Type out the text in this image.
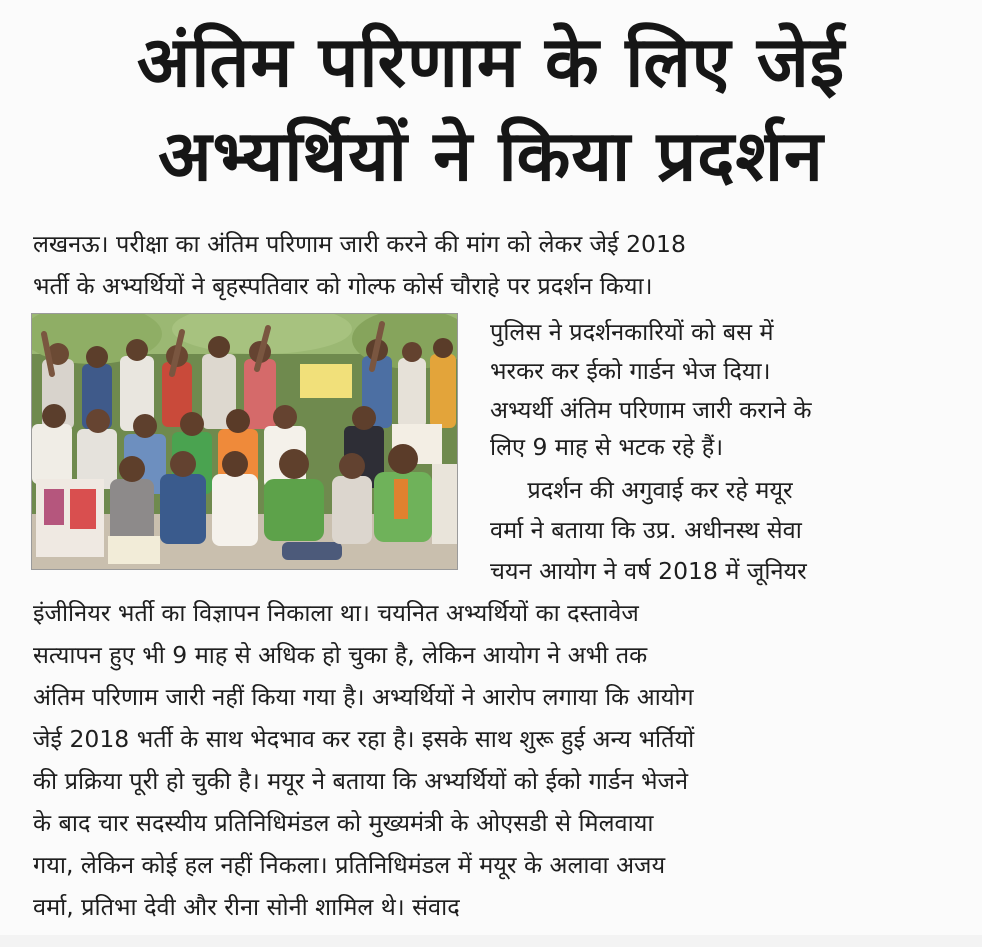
अंतिम परिणाम के लिए जेई
अभ्यर्थियों ने किया प्रदर्शन
लखनऊ। परीक्षा का अंतिम परिणाम जारी करने की मांग को लेकर जेई 2018
भर्ती के अभ्यर्थियों ने बृहस्पतिवार को गोल्फ कोर्स चौराहे पर प्रदर्शन किया।
पुलिस ने प्रदर्शनकारियों को बस में
भरकर कर ईको गार्डन भेज दिया।
अभ्यर्थी अंतिम परिणाम जारी कराने के
लिए 9 माह से भटक रहे हैं।
प्रदर्शन की अगुवाई कर रहे मयूर
वर्मा ने बताया कि उप्र. अधीनस्थ सेवा
चयन आयोग ने वर्ष 2018 में जूनियर
इंजीनियर भर्ती का विज्ञापन निकाला था। चयनित अभ्यर्थियों का दस्तावेज
सत्यापन हुए भी 9 माह से अधिक हो चुका है, लेकिन आयोग ने अभी तक
अंतिम परिणाम जारी नहीं किया गया है। अभ्यर्थियों ने आरोप लगाया कि आयोग
जेई 2018 भर्ती के साथ भेदभाव कर रहा है। इसके साथ शुरू हुई अन्य भर्तियों
की प्रक्रिया पूरी हो चुकी है। मयूर ने बताया कि अभ्यर्थियों को ईको गार्डन भेजने
के बाद चार सदस्यीय प्रतिनिधिमंडल को मुख्यमंत्री के ओएसडी से मिलवाया
गया, लेकिन कोई हल नहीं निकला। प्रतिनिधिमंडल में मयूर के अलावा अजय
वर्मा, प्रतिभा देवी और रीना सोनी शामिल थे। संवाद
